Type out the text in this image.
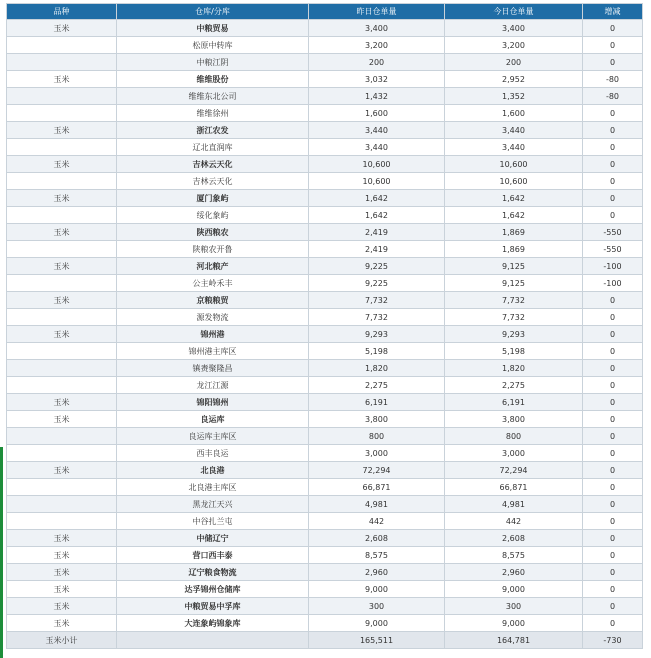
品种	仓库/分库	昨日仓单量	今日仓单量	增减
玉米	中粮贸易	3,400	3,400	0
	松原中转库	3,200	3,200	0
	中粮江阴	200	200	0
玉米	维维股份	3,032	2,952	-80
	维维东北公司	1,432	1,352	-80
	维维徐州	1,600	1,600	0
玉米	浙江农发	3,440	3,440	0
	辽北直润库	3,440	3,440	0
玉米	吉林云天化	10,600	10,600	0
	吉林云天化	10,600	10,600	0
玉米	厦门象屿	1,642	1,642	0
	绥化象屿	1,642	1,642	0
玉米	陕西粮农	2,419	1,869	-550
	陕粮农开鲁	2,419	1,869	-550
玉米	河北粮产	9,225	9,125	-100
	公主岭禾丰	9,225	9,125	-100
玉米	京粮粮贸	7,732	7,732	0
	源发物流	7,732	7,732	0
玉米	锦州港	9,293	9,293	0
	锦州港主库区	5,198	5,198	0
	镇赉聚隆昌	1,820	1,820	0
	龙江江源	2,275	2,275	0
玉米	锦阳锦州	6,191	6,191	0
玉米	良运库	3,800	3,800	0
	良运库主库区	800	800	0
	西丰良运	3,000	3,000	0
玉米	北良港	72,294	72,294	0
	北良港主库区	66,871	66,871	0
	黑龙江天兴	4,981	4,981	0
	中谷扎兰屯	442	442	0
玉米	中储辽宁	2,608	2,608	0
玉米	营口西丰泰	8,575	8,575	0
玉米	辽宁粮食物流	2,960	2,960	0
玉米	达孚锦州仓储库	9,000	9,000	0
玉米	中粮贸易中孚库	300	300	0
玉米	大连象屿锦象库	9,000	9,000	0
玉米小计		165,511	164,781	-730
